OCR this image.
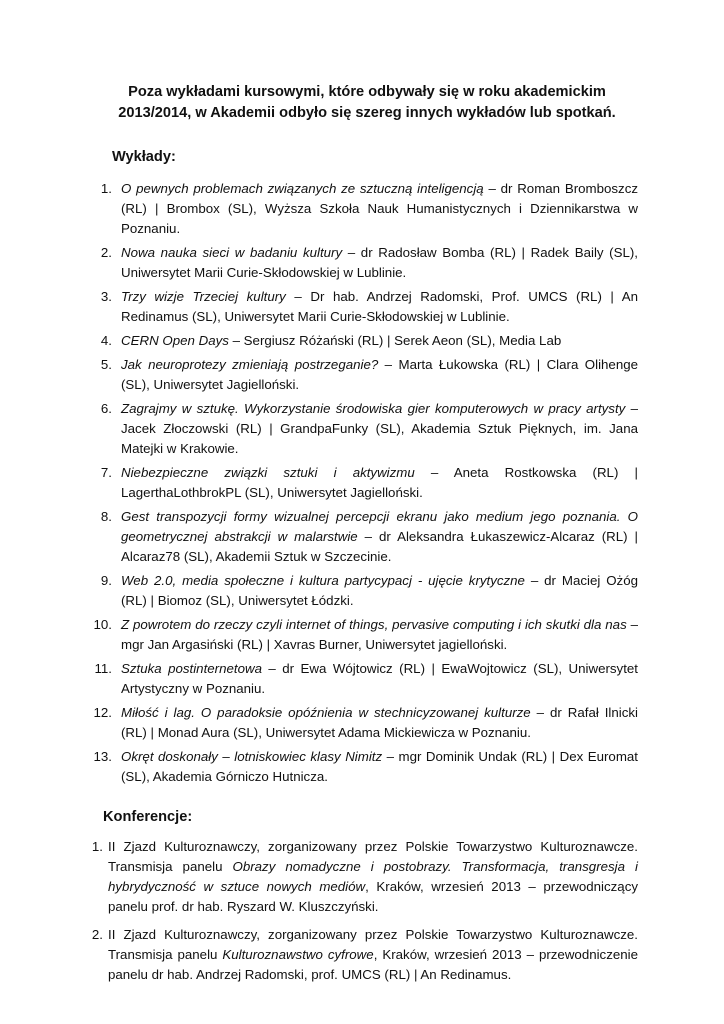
Poza wykładami kursowymi, które odbywały się w roku akademickim
2013/2014, w Akademii odbyło się szereg innych wykładów lub spotkań.
Wykłady:
1. O pewnych problemach związanych ze sztuczną inteligencją – dr Roman Bromboszcz (RL) | Brombox (SL), Wyższa Szkoła Nauk Humanistycznych i Dziennikarstwa w Poznaniu.
2. Nowa nauka sieci w badaniu kultury – dr Radosław Bomba (RL) | Radek Baily (SL), Uniwersytet Marii Curie-Skłodowskiej w Lublinie.
3. Trzy wizje Trzeciej kultury – Dr hab. Andrzej Radomski, Prof. UMCS (RL) | An Redinamus (SL), Uniwersytet Marii Curie-Skłodowskiej w Lublinie.
4. CERN Open Days – Sergiusz Różański (RL) | Serek Aeon (SL), Media Lab
5. Jak neuroprotezy zmieniają postrzeganie? – Marta Łukowska (RL) | Clara Olihenge (SL), Uniwersytet Jagielloński.
6. Zagrajmy w sztukę. Wykorzystanie środowiska gier komputerowych w pracy artysty – Jacek Złoczowski (RL) | GrandpaFunky (SL), Akademia Sztuk Pięknych, im. Jana Matejki w Krakowie.
7. Niebezpieczne związki sztuki i aktywizmu – Aneta Rostkowska (RL) | LagerthaLothbrokPL (SL), Uniwersytet Jagielloński.
8. Gest transpozycji formy wizualnej percepcji ekranu jako medium jego poznania. O geometrycznej abstrakcji w malarstwie – dr Aleksandra Łukaszewicz-Alcaraz (RL) | Alcaraz78 (SL), Akademii Sztuk w Szczecinie.
9. Web 2.0, media społeczne i kultura partycypacj - ujęcie krytyczne – dr Maciej Ożóg (RL) | Biomoz (SL), Uniwersytet Łódzki.
10. Z powrotem do rzeczy czyli internet of things, pervasive computing i ich skutki dla nas – mgr Jan Argasiński (RL) | Xavras Burner, Uniwersytet jagielloński.
11. Sztuka postinternetowa – dr Ewa Wójtowicz (RL) | EwaWojtowicz (SL), Uniwersytet Artystyczny w Poznaniu.
12. Miłość i lag. O paradoksie opóźnienia w stechnicyzowanej kulturze – dr Rafał Ilnicki (RL) | Monad Aura (SL), Uniwersytet Adama Mickiewicza w Poznaniu.
13. Okręt doskonały – lotniskowiec klasy Nimitz – mgr Dominik Undak (RL) | Dex Euromat (SL), Akademia Górniczo Hutnicza.
Konferencje:
1. II Zjazd Kulturoznawczy, zorganizowany przez Polskie Towarzystwo Kulturoznawcze. Transmisja panelu Obrazy nomadyczne i postobrazy. Transformacja, transgresja i hybrydyczność w sztuce nowych mediów, Kraków, wrzesień 2013 – przewodniczący panelu prof. dr hab. Ryszard W. Kluszczyński.
2. II Zjazd Kulturoznawczy, zorganizowany przez Polskie Towarzystwo Kulturoznawcze. Transmisja panelu Kulturoznawstwo cyfrowe, Kraków, wrzesień 2013 – przewodniczenie panelu dr hab. Andrzej Radomski, prof. UMCS (RL) | An Redinamus.
